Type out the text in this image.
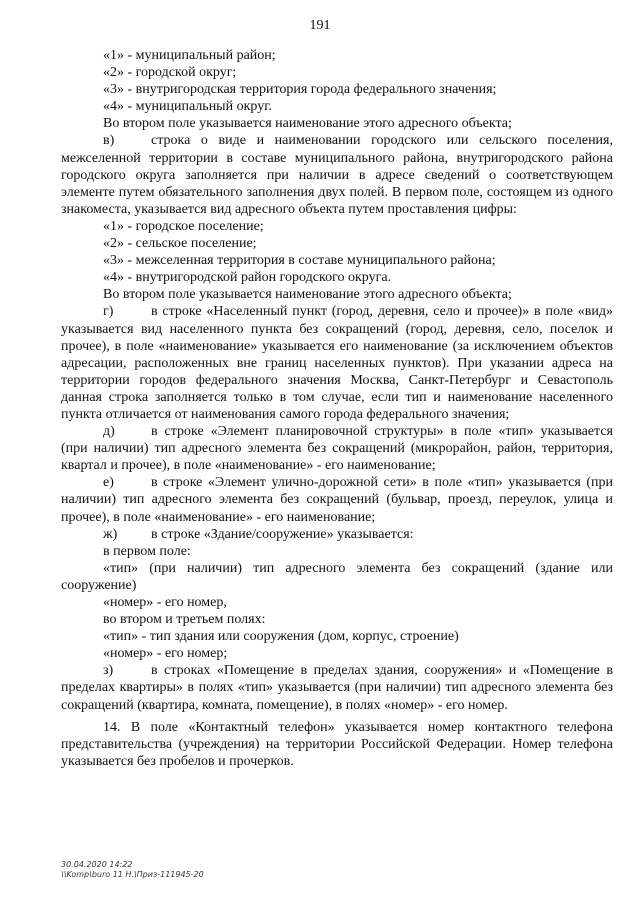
191

«1» - муниципальный район;

«2» - городской округ;

«3» - внутригородская территория города федерального значения;

«4» - муниципальный округ.

Во втором поле указывается наименование этого адресного объекта;

в)	строка о виде и наименовании городского или сельского поселения, межселенной территории в составе муниципального района, внутригородского района городского округа заполняется при наличии в адресе сведений о соответствующем элементе путем обязательного заполнения двух полей. В первом поле, состоящем из одного знакоместа, указывается вид адресного объекта путем проставления цифры:

«1» - городское поселение;

«2» - сельское поселение;

«3» - межселенная территория в составе муниципального района;

«4» - внутригородской район городского округа.

Во втором поле указывается наименование этого адресного объекта;

г)	в строке «Населенный пункт (город, деревня, село и прочее)» в поле «вид» указывается вид населенного пункта без сокращений (город, деревня, село, поселок и прочее), в поле «наименование» указывается его наименование (за исключением объектов адресации, расположенных вне границ населенных пунктов). При указании адреса на территории городов федерального значения Москва, Санкт-Петербург и Севастополь данная строка заполняется только в том случае, если тип и наименование населенного пункта отличается от наименования самого города федерального значения;

д)	в строке «Элемент планировочной структуры» в поле «тип» указывается (при наличии) тип адресного элемента без сокращений (микрорайон, район, территория, квартал и прочее), в поле «наименование» - его наименование;

е)	в строке «Элемент улично-дорожной сети» в поле «тип» указывается (при наличии) тип адресного элемента без сокращений (бульвар, проезд, переулок, улица и прочее), в поле «наименование» - его наименование;

ж) в строке «Здание/сооружение» указывается:

в первом поле:

«тип» (при наличии) тип адресного элемента без сокращений (здание или сооружение)

«номер» - его номер,

во втором и третьем полях:

«тип» - тип здания или сооружения (дом, корпус, строение)

«номер» - его номер;

з)	в строках «Помещение в пределах здания, сооружения» и «Помещение в пределах квартиры» в полях «тип» указывается (при наличии) тип адресного элемента без сокращений (квартира, комната, помещение), в полях «номер» - его номер.

14. В поле «Контактный телефон» указывается номер контактного телефона представительства (учреждения) на территории Российской Федерации. Номер телефона указывается без пробелов и прочерков.

30.04.2020 14:22
\\Komp\buro 11 Н.\Приз-111945-20
